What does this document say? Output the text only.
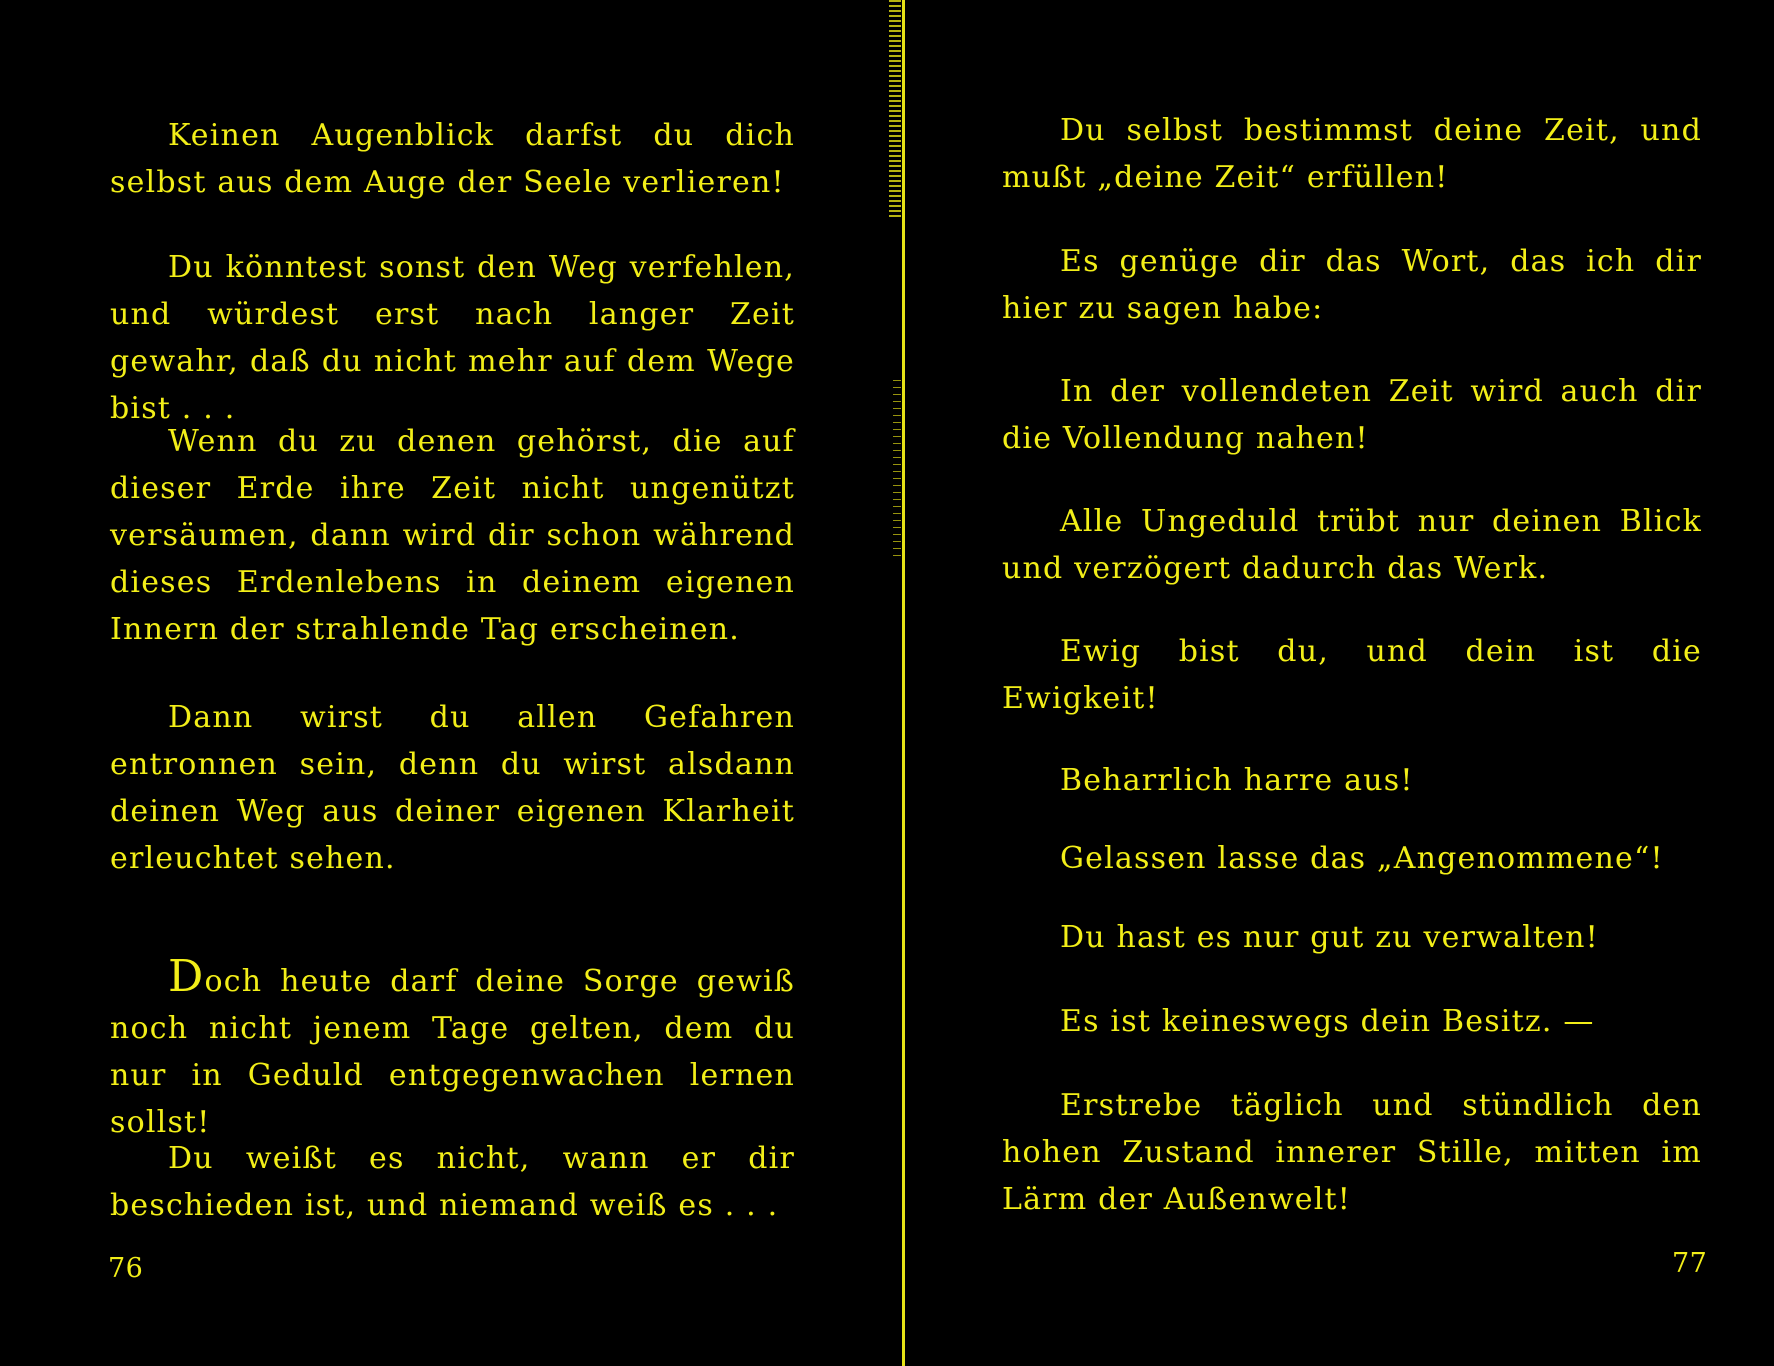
Keinen Augenblick darfst du dich selbst aus dem Auge der Seele verlieren!

Du könntest sonst den Weg verfehlen, und würdest erst nach langer Zeit gewahr, daß du nicht mehr auf dem Wege bist . . .

Wenn du zu denen gehörst, die auf dieser Erde ihre Zeit nicht ungenützt versäumen, dann wird dir schon während dieses Erdenlebens in deinem eigenen Innern der strahlende Tag erscheinen.

Dann wirst du allen Gefahren entronnen sein, denn du wirst alsdann deinen Weg aus deiner eigenen Klarheit erleuchtet sehen.

Doch heute darf deine Sorge gewiß noch nicht jenem Tage gelten, dem du nur in Geduld entgegenwachen lernen sollst!

Du weißt es nicht, wann er dir beschieden ist, und niemand weiß es . . .

76

Du selbst bestimmst deine Zeit, und mußt „deine Zeit“ erfüllen!

Es genüge dir das Wort, das ich dir hier zu sagen habe:

In der vollendeten Zeit wird auch dir die Vollendung nahen!

Alle Ungeduld trübt nur deinen Blick und verzögert dadurch das Werk.

Ewig bist du, und dein ist die Ewigkeit!

Beharrlich harre aus!

Gelassen lasse das „Angenommene“!

Du hast es nur gut zu verwalten!

Es ist keineswegs dein Besitz. —

Erstrebe täglich und stündlich den hohen Zustand innerer Stille, mitten im Lärm der Außenwelt!

77
